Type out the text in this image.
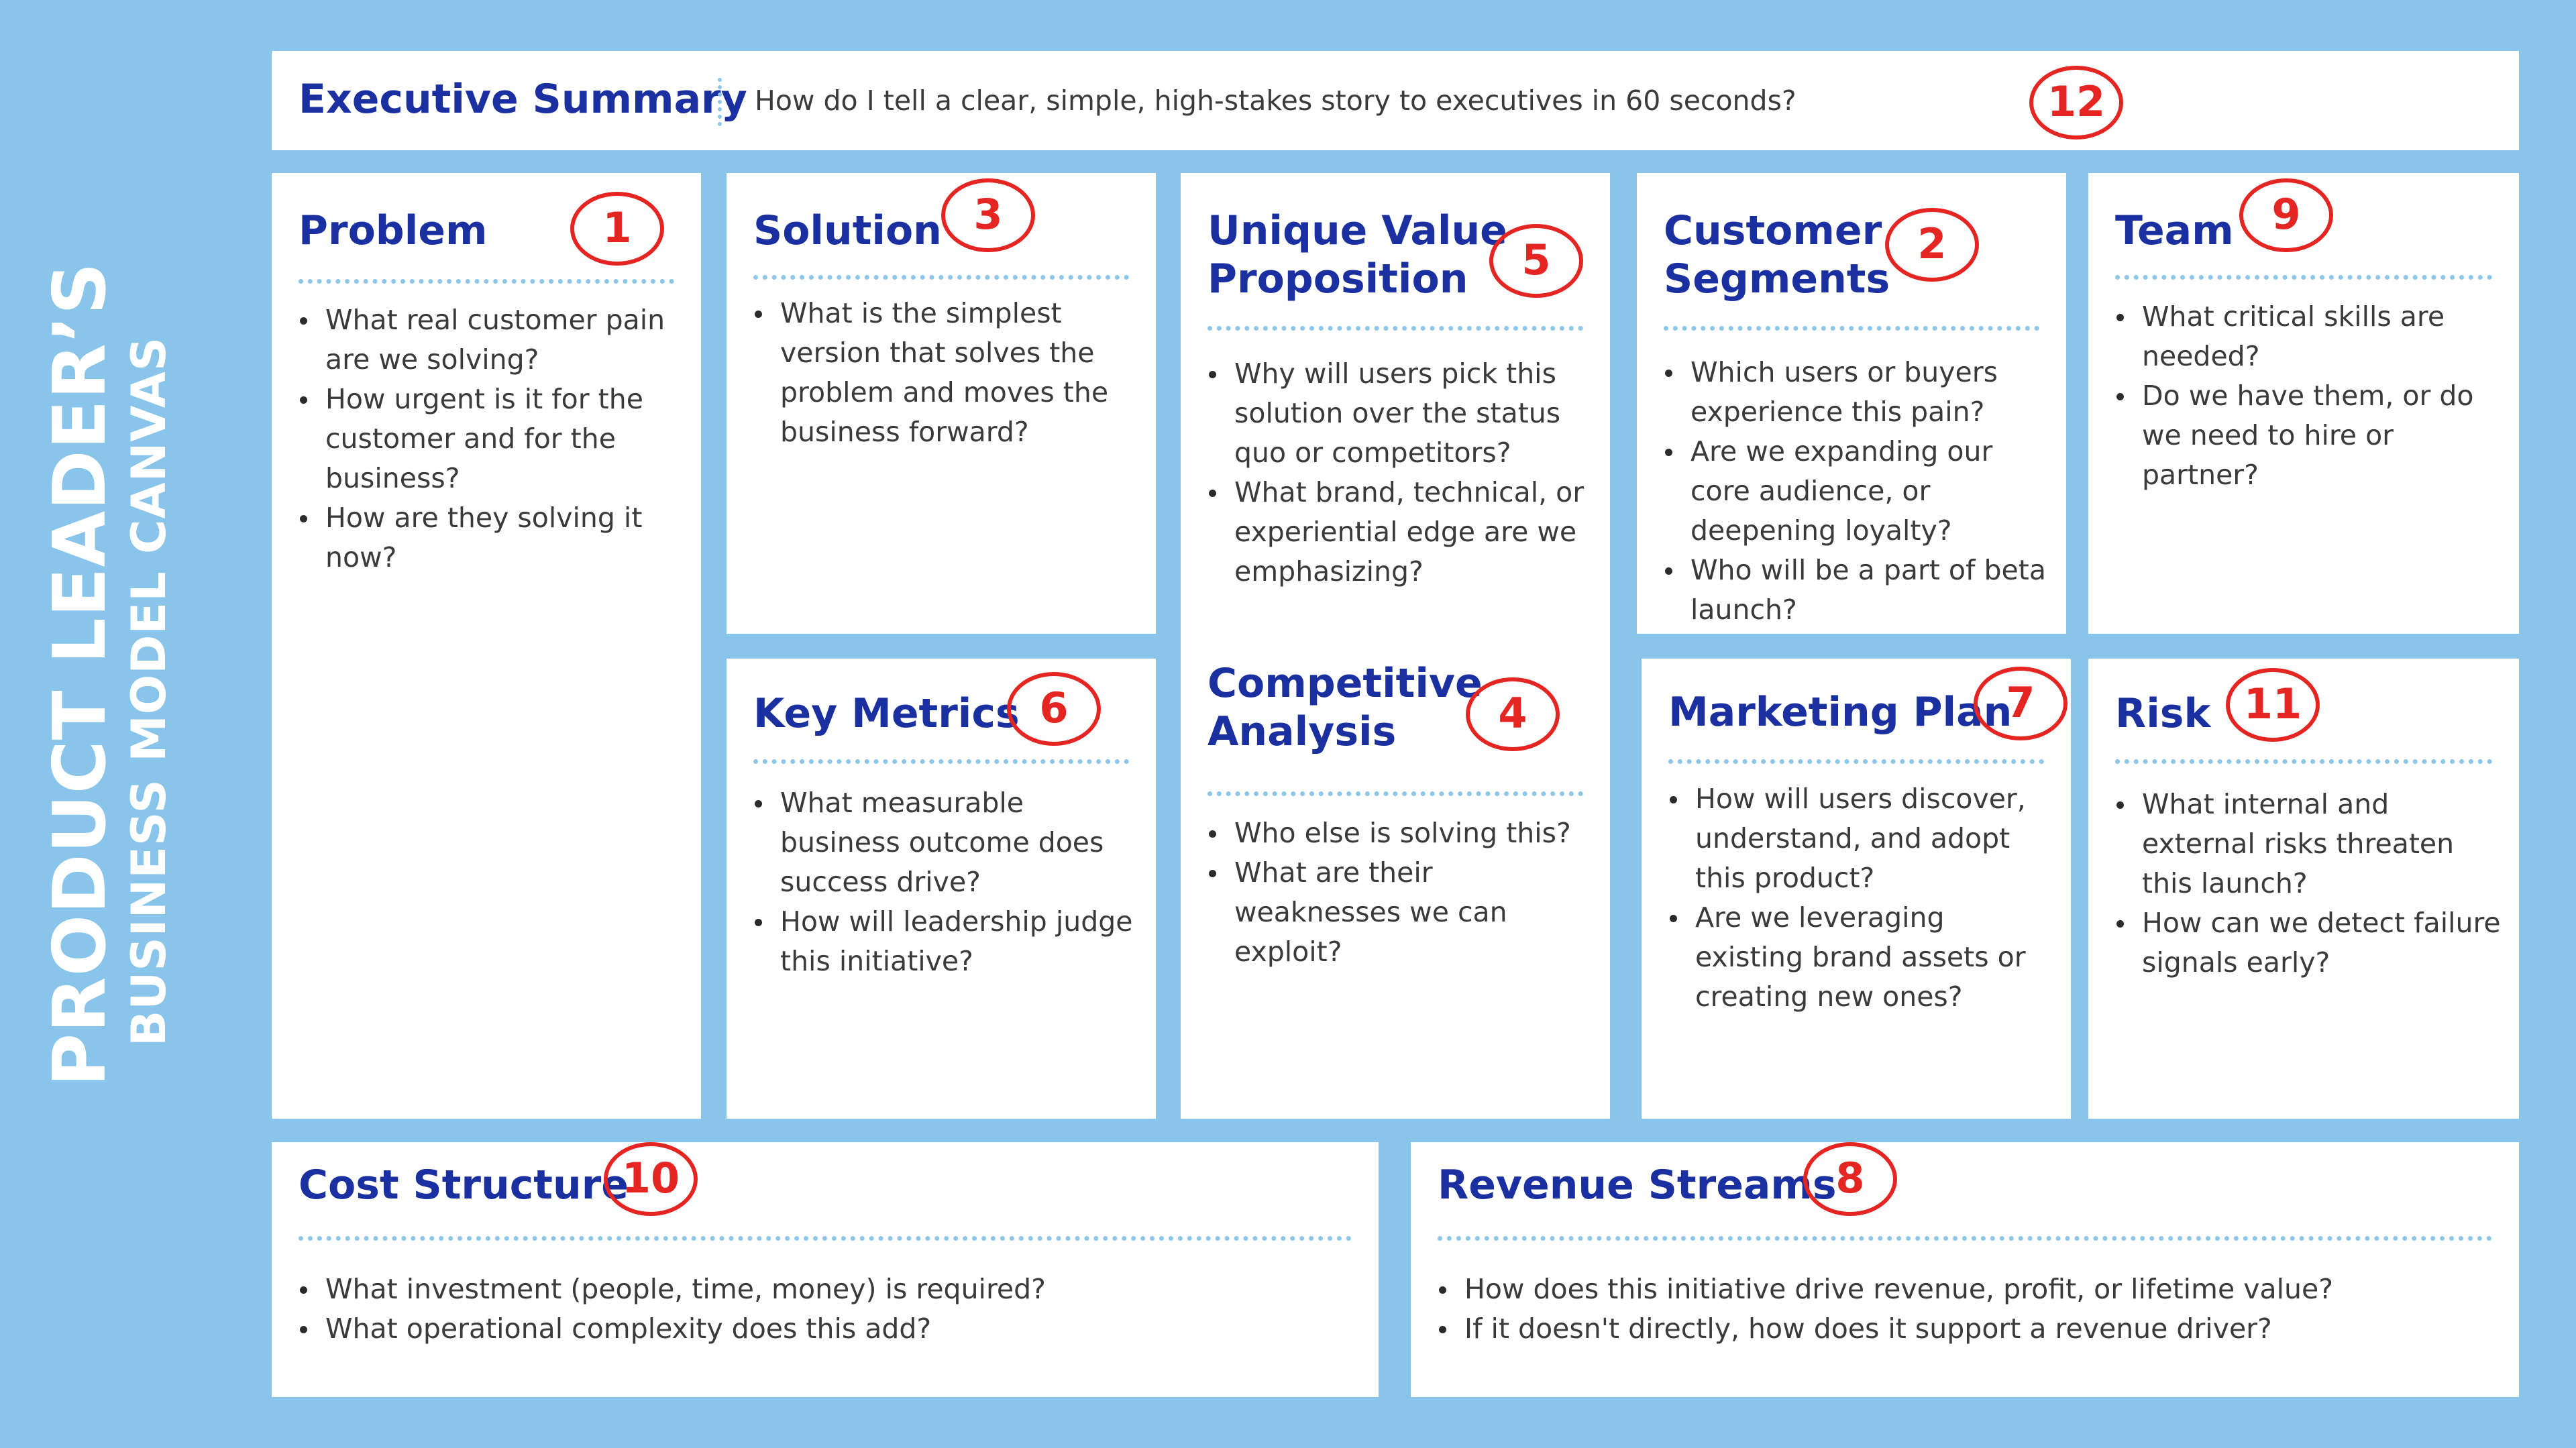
PRODUCT LEADER’S BUSINESS MODEL CANVAS
Executive Summary How do I tell a clear, simple, high-stakes story to executives in 60 seconds?	12
Problem	1
What real customer pain are we solving?
How urgent is it for the customer and for the business?
How are they solving it now?
Solution 3
What is the simplest version that solves the problem and moves the business forward?
Unique Value
Proposition	5
Why will users pick this solution over the status quo or competitors?
What brand, technical, or experiential edge are we emphasizing?
Competitive
Analysis	4
Who else is solving this?
What are their weaknesses we can exploit?
Customer
Segments
2
Which users or buyers experience this pain?
Are we expanding our core audience, or deepening loyalty?
Who will be a part of beta launch?
Team 9
What critical skills are needed?
Do we have them, or do we need to hire or partner?
Key Metrics 6
What measurable business outcome does success drive?
How will leadership judge this initiative?
Marketing Plan
7
How will users discover, understand, and adopt this product?
Are we leveraging existing brand assets or creating new ones?
Risk 11
What internal and external risks threaten this launch?
How can we detect failure signals early?
Cost Structure
10
What investment (people, time, money) is required?
What operational complexity does this add?
Revenue Streams
8
How does this initiative drive revenue, profit, or lifetime value?
If it doesn't directly, how does it support a revenue driver?
